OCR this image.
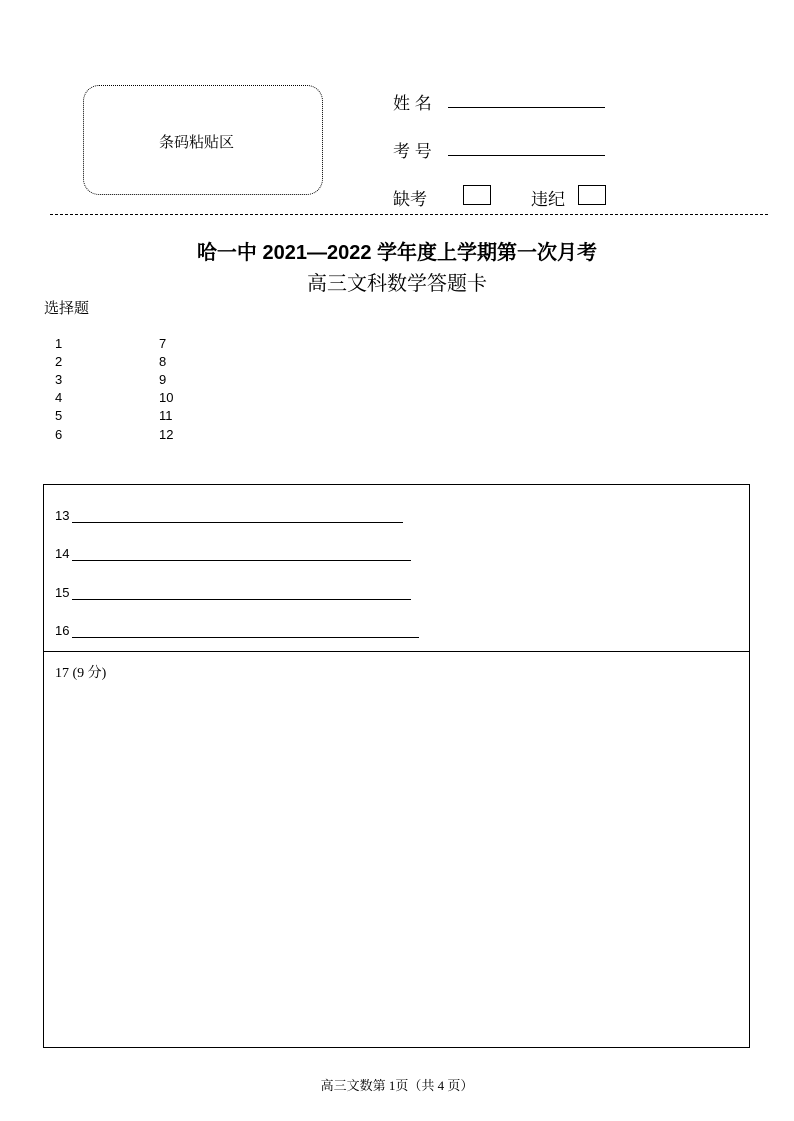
条码粘贴区
姓 名
考 号
缺考	违纪
哈一中 2021—2022 学年度上学期第一次月考
高三文科数学答题卡
选择题
1
2
3
4
5
6
7
8
9
10
11
12
13
14
15
16
17 (9 分)
高三文数第 1页（共 4 页）
